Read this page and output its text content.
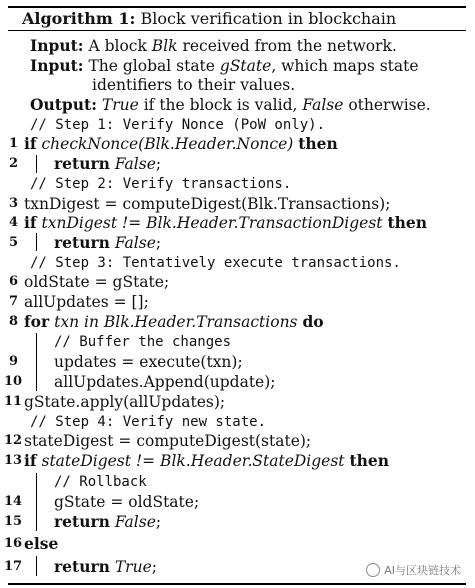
Algorithm 1: Block verification in blockchain
Input: A block Blk received from the network.
Input: The global state gState, which maps state
identifiers to their values.
Output: True if the block is valid, False otherwise.
// Step 1: Verify Nonce (PoW only).
1 if checkNonce(Blk.Header.Nonce) then
2 return False;
// Step 2: Verify transactions.
3 txnDigest = computeDigest(Blk.Transactions);
4 if txnDigest != Blk.Header.TransactionDigest then
5 return False;
// Step 3: Tentatively execute transactions.
6 oldState = gState;
7 allUpdates = [];
8 for txn in Blk.Header.Transactions do
// Buffer the changes
9 updates = execute(txn);
10 allUpdates.Append(update);
11 gState.apply(allUpdates);
// Step 4: Verify new state.
12 stateDigest = computeDigest(state);
13 if stateDigest != Blk.Header.StateDigest then
// Rollback
14 gState = oldState;
15 return False;
16 else
17 return True;	AI与区块链技术
